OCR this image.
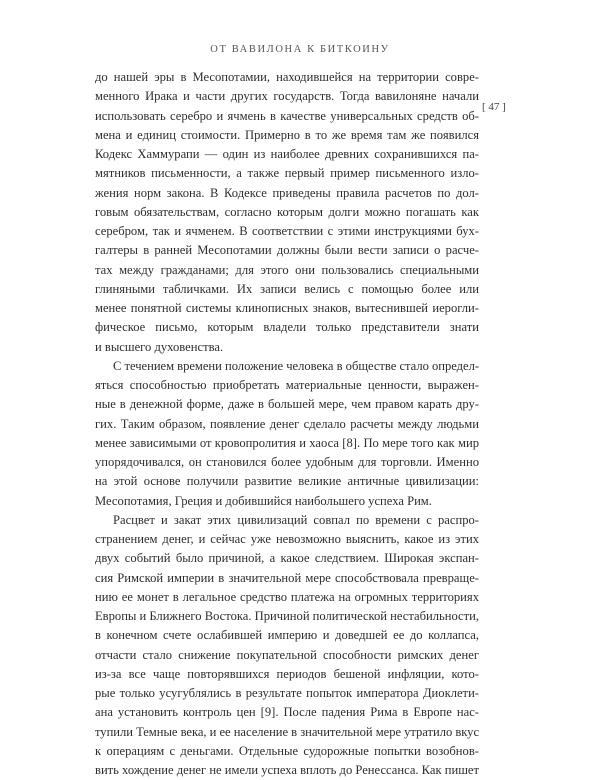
ОТ ВАВИЛОНА К БИТКОИНУ
[ 47 ]
до нашей эры в Месопотамии, находившейся на территории совре-
менного Ирака и части других государств. Тогда вавилоняне начали
использовать серебро и ячмень в качестве универсальных средств об-
мена и единиц стоимости. Примерно в то же время там же появился
Кодекс Хаммурапи — один из наиболее древних сохранившихся па-
мятников письменности, а также первый пример письменного изло-
жения норм закона. В Кодексе приведены правила расчетов по дол-
говым обязательствам, согласно которым долги можно погашать как
серебром, так и ячменем. В соответствии с этими инструкциями бух-
галтеры в ранней Месопотамии должны были вести записи о расче-
тах между гражданами; для этого они пользовались специальными
глиняными табличками. Их записи велись с помощью более или
менее понятной системы клинописных знаков, вытеснившей иерогли-
фическое письмо, которым владели только представители знати
и высшего духовенства.
С течением времени положение человека в обществе стало определ-
яться способностью приобретать материальные ценности, выражен-
ные в денежной форме, даже в большей мере, чем правом карать дру-
гих. Таким образом, появление денег сделало расчеты между людьми
менее зависимыми от кровопролития и хаоса [8]. По мере того как мир
упорядочивался, он становился более удобным для торговли. Именно
на этой основе получили развитие великие античные цивилизации:
Месопотамия, Греция и добившийся наибольшего успеха Рим.
Расцвет и закат этих цивилизаций совпал по времени с распро-
странением денег, и сейчас уже невозможно выяснить, какое из этих
двух событий было причиной, а какое следствием. Широкая экспан-
сия Римской империи в значительной мере способствовала превраще-
нию ее монет в легальное средство платежа на огромных территориях
Европы и Ближнего Востока. Причиной политической нестабильности,
в конечном счете ослабившей империю и доведшей ее до коллапса,
отчасти стало снижение покупательной способности римских денег
из-за все чаще повторявшихся периодов бешеной инфляции, кото-
рые только усугублялись в результате попыток императора Диоклети-
ана установить контроль цен [9]. После падения Рима в Европе нас-
тупили Темные века, и ее население в значительной мере утратило вкус
к операциям с деньгами. Отдельные судорожные попытки возобнов-
вить хождение денег не имели успеха вплоть до Ренессанса. Как пишет
